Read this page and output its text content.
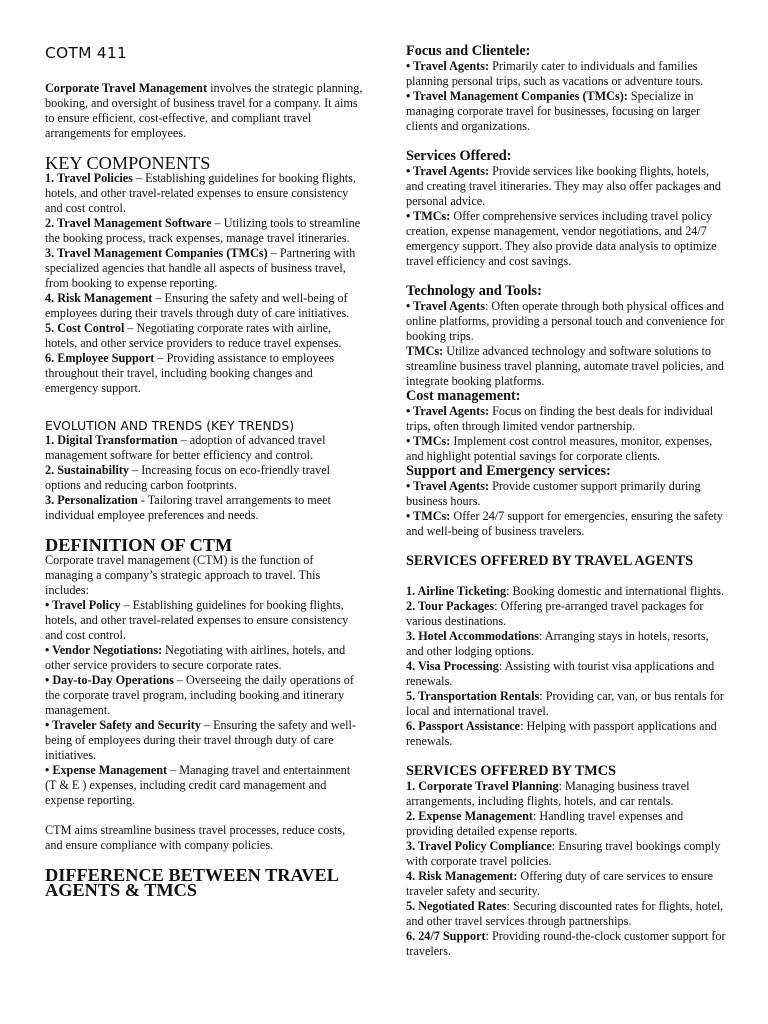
COTM 411

Corporate Travel Management involves the strategic planning, booking, and oversight of business travel for a company. It aims to ensure efficient, cost-effective, and compliant travel arrangements for employees.

KEY COMPONENTS

1. Travel Policies – Establishing guidelines for booking flights, hotels, and other travel-related expenses to ensure consistency and cost control.

2. Travel Management Software – Utilizing tools to streamline the booking process, track expenses, manage travel itineraries.

3. Travel Management Companies (TMCs) – Partnering with specialized agencies that handle all aspects of business travel, from booking to expense reporting.

4. Risk Management – Ensuring the safety and well-being of employees during their travels through duty of care initiatives.

5. Cost Control – Negotiating corporate rates with airline, hotels, and other service providers to reduce travel expenses.

6. Employee Support – Providing assistance to employees throughout their travel, including booking changes and emergency support.

EVOLUTION AND TRENDS (KEY TRENDS)

1. Digital Transformation – adoption of advanced travel management software for better efficiency and control.

2. Sustainability – Increasing focus on eco-friendly travel options and reducing carbon footprints.

3. Personalization - Tailoring travel arrangements to meet individual employee preferences and needs.

DEFINITION OF CTM

Corporate travel management (CTM) is the function of managing a company’s strategic approach to travel. This includes:

• Travel Policy – Establishing guidelines for booking flights, hotels, and other travel-related expenses to ensure consistency and cost control.

• Vendor Negotiations: Negotiating with airlines, hotels, and other service providers to secure corporate rates.

• Day-to-Day Operations – Overseeing the daily operations of the corporate travel program, including booking and itinerary management.

• Traveler Safety and Security – Ensuring the safety and well-being of employees during their travel through duty of care initiatives.

• Expense Management – Managing travel and entertainment (T & E ) expenses, including credit card management and expense reporting.

CTM aims streamline business travel processes, reduce costs, and ensure compliance with company policies.

DIFFERENCE BETWEEN TRAVEL AGENTS & TMCS
Focus and Clientele:

• Travel Agents: Primarily cater to individuals and families planning personal trips, such as vacations or adventure tours.

• Travel Management Companies (TMCs): Specialize in managing corporate travel for businesses, focusing on larger clients and organizations.

Services Offered:

• Travel Agents: Provide services like booking flights, hotels, and creating travel itineraries. They may also offer packages and personal advice.

• TMCs: Offer comprehensive services including travel policy creation, expense management, vendor negotiations, and 24/7 emergency support. They also provide data analysis to optimize travel efficiency and cost savings.

Technology and Tools:

• Travel Agents: Often operate through both physical offices and online platforms, providing a personal touch and convenience for booking trips.

TMCs: Utilize advanced technology and software solutions to streamline business travel planning, automate travel policies, and integrate booking platforms.

Cost management:

• Travel Agents: Focus on finding the best deals for individual trips, often through limited vendor partnership.

• TMCs: Implement cost control measures, monitor, expenses, and highlight potential savings for corporate clients.

Support and Emergency services:

• Travel Agents: Provide customer support primarily during business hours.

• TMCs: Offer 24/7 support for emergencies, ensuring the safety and well-being of business travelers.

SERVICES OFFERED BY TRAVEL AGENTS

1. Airline Ticketing: Booking domestic and international flights.

2. Tour Packages: Offering pre-arranged travel packages for various destinations.

3. Hotel Accommodations: Arranging stays in hotels, resorts, and other lodging options.

4. Visa Processing: Assisting with tourist visa applications and renewals.

5. Transportation Rentals: Providing car, van, or bus rentals for local and international travel.

6. Passport Assistance: Helping with passport applications and renewals.

SERVICES OFFERED BY TMCS

1. Corporate Travel Planning: Managing business travel arrangements, including flights, hotels, and car rentals.

2. Expense Management: Handling travel expenses and providing detailed expense reports.

3. Travel Policy Compliance: Ensuring travel bookings comply with corporate travel policies.

4. Risk Management: Offering duty of care services to ensure traveler safety and security.

5. Negotiated Rates: Securing discounted rates for flights, hotel, and other travel services through partnerships.

6. 24/7 Support: Providing round-the-clock customer support for travelers.
